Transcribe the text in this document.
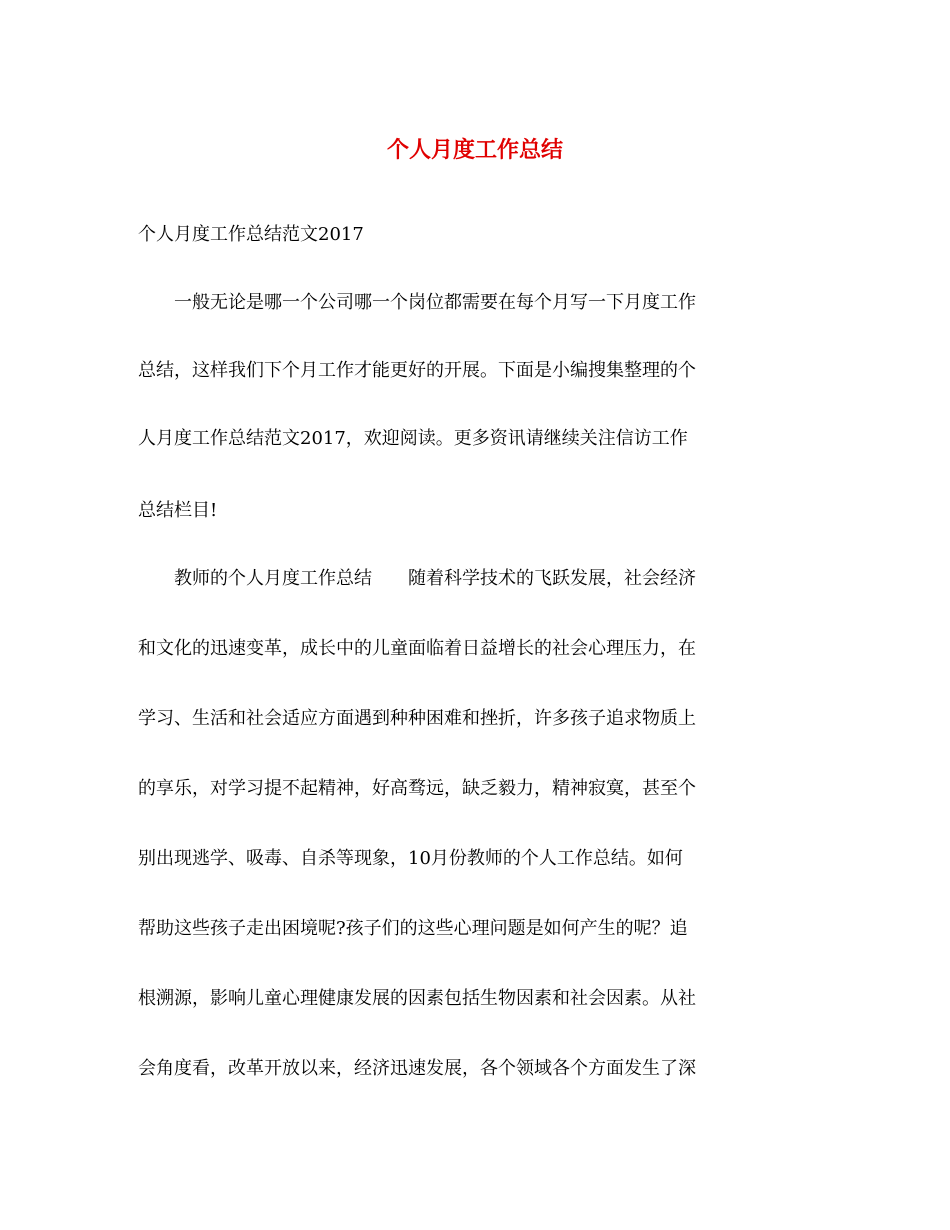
个人月度工作总结

个人月度工作总结范文2017

　　一般无论是哪一个公司哪一个岗位都需要在每个月写一下月度工作

总结，这样我们下个月工作才能更好的开展。下面是小编搜集整理的个

人月度工作总结范文2017，欢迎阅读。更多资讯请继续关注信访工作

总结栏目!

　　教师的个人月度工作总结　　随着科学技术的飞跃发展，社会经济

和文化的迅速变革，成长中的儿童面临着日益增长的社会心理压力，在

学习、生活和社会适应方面遇到种种困难和挫折，许多孩子追求物质上

的享乐，对学习提不起精神，好高骛远，缺乏毅力，精神寂寞，甚至个

别出现逃学、吸毒、自杀等现象，10月份教师的个人工作总结。如何

帮助这些孩子走出困境呢?孩子们的这些心理问题是如何产生的呢？追

根溯源，影响儿童心理健康发展的因素包括生物因素和社会因素。从社

会角度看，改革开放以来，经济迅速发展，各个领域各个方面发生了深
